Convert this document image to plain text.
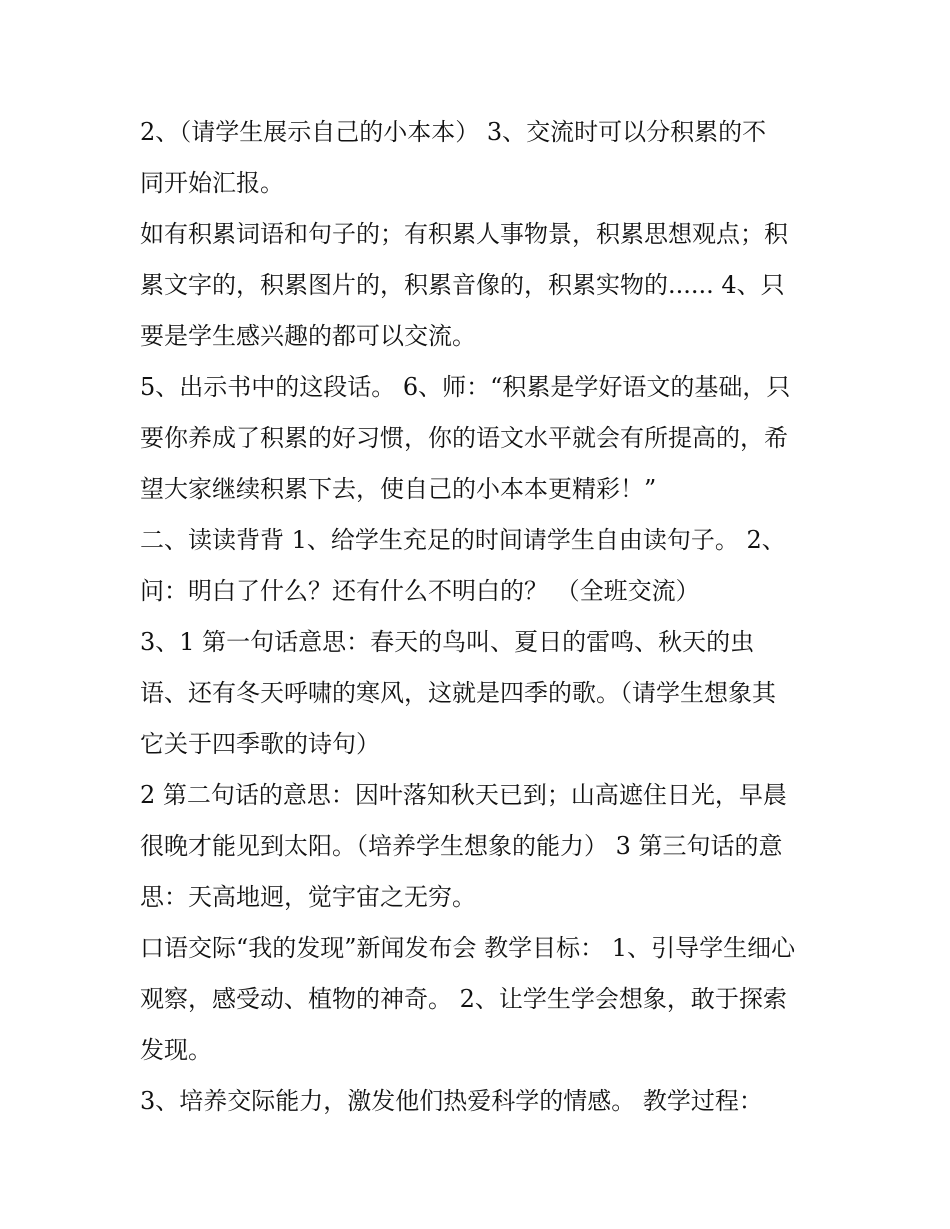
2、（请学生展示自己的小本本） 3、交流时可以分积累的不
同开始汇报。
如有积累词语和句子的；有积累人事物景，积累思想观点；积
累文字的，积累图片的，积累音像的，积累实物的...... 4、只
要是学生感兴趣的都可以交流。
5、出示书中的这段话。 6、师：“积累是学好语文的基础，只
要你养成了积累的好习惯，你的语文水平就会有所提高的，希
望大家继续积累下去，使自己的小本本更精彩！”
二、读读背背 1、给学生充足的时间请学生自由读句子。 2、
问：明白了什么？还有什么不明白的？ （全班交流）
3、1 第一句话意思：春天的鸟叫、夏日的雷鸣、秋天的虫
语、还有冬天呼啸的寒风，这就是四季的歌。（请学生想象其
它关于四季歌的诗句）
2 第二句话的意思：因叶落知秋天已到；山高遮住日光，早晨
很晚才能见到太阳。（培养学生想象的能力） 3 第三句话的意
思：天高地迥，觉宇宙之无穷。
口语交际“我的发现”新闻发布会 教学目标： 1、引导学生细心
观察，感受动、植物的神奇。 2、让学生学会想象，敢于探索
发现。
3、培养交际能力，激发他们热爱科学的情感。 教学过程：
